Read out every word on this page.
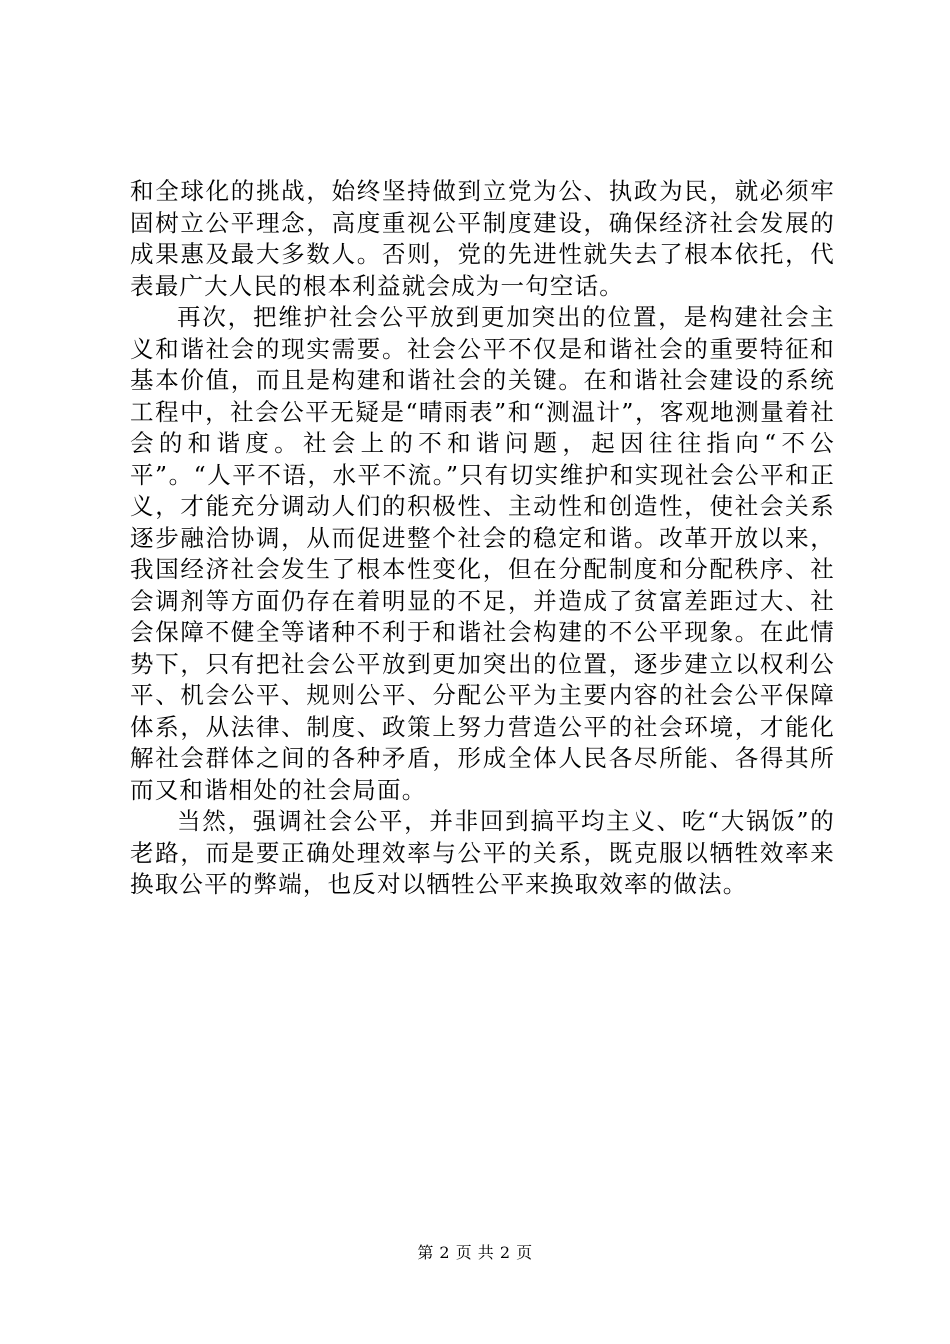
和全球化的挑战，始终坚持做到立党为公、执政为民，就必须牢固树立公平理念，高度重视公平制度建设，确保经济社会发展的成果惠及最大多数人。否则，党的先进性就失去了根本依托，代表最广大人民的根本利益就会成为一句空话。

再次，把维护社会公平放到更加突出的位置，是构建社会主义和谐社会的现实需要。社会公平不仅是和谐社会的重要特征和基本价值，而且是构建和谐社会的关键。在和谐社会建设的系统工程中，社会公平无疑是“晴雨表”和“测温计”，客观地测量着社会的和谐度。社会上的不和谐问题，起因往往指向“不公平”。“人平不语，水平不流。”只有切实维护和实现社会公平和正义，才能充分调动人们的积极性、主动性和创造性，使社会关系逐步融洽协调，从而促进整个社会的稳定和谐。改革开放以来，我国经济社会发生了根本性变化，但在分配制度和分配秩序、社会调剂等方面仍存在着明显的不足，并造成了贫富差距过大、社会保障不健全等诸种不利于和谐社会构建的不公平现象。在此情势下，只有把社会公平放到更加突出的位置，逐步建立以权利公平、机会公平、规则公平、分配公平为主要内容的社会公平保障体系，从法律、制度、政策上努力营造公平的社会环境，才能化解社会群体之间的各种矛盾，形成全体人民各尽所能、各得其所而又和谐相处的社会局面。

当然，强调社会公平，并非回到搞平均主义、吃“大锅饭”的老路，而是要正确处理效率与公平的关系，既克服以牺牲效率来换取公平的弊端，也反对以牺牲公平来换取效率的做法。

第 2 页 共 2 页
